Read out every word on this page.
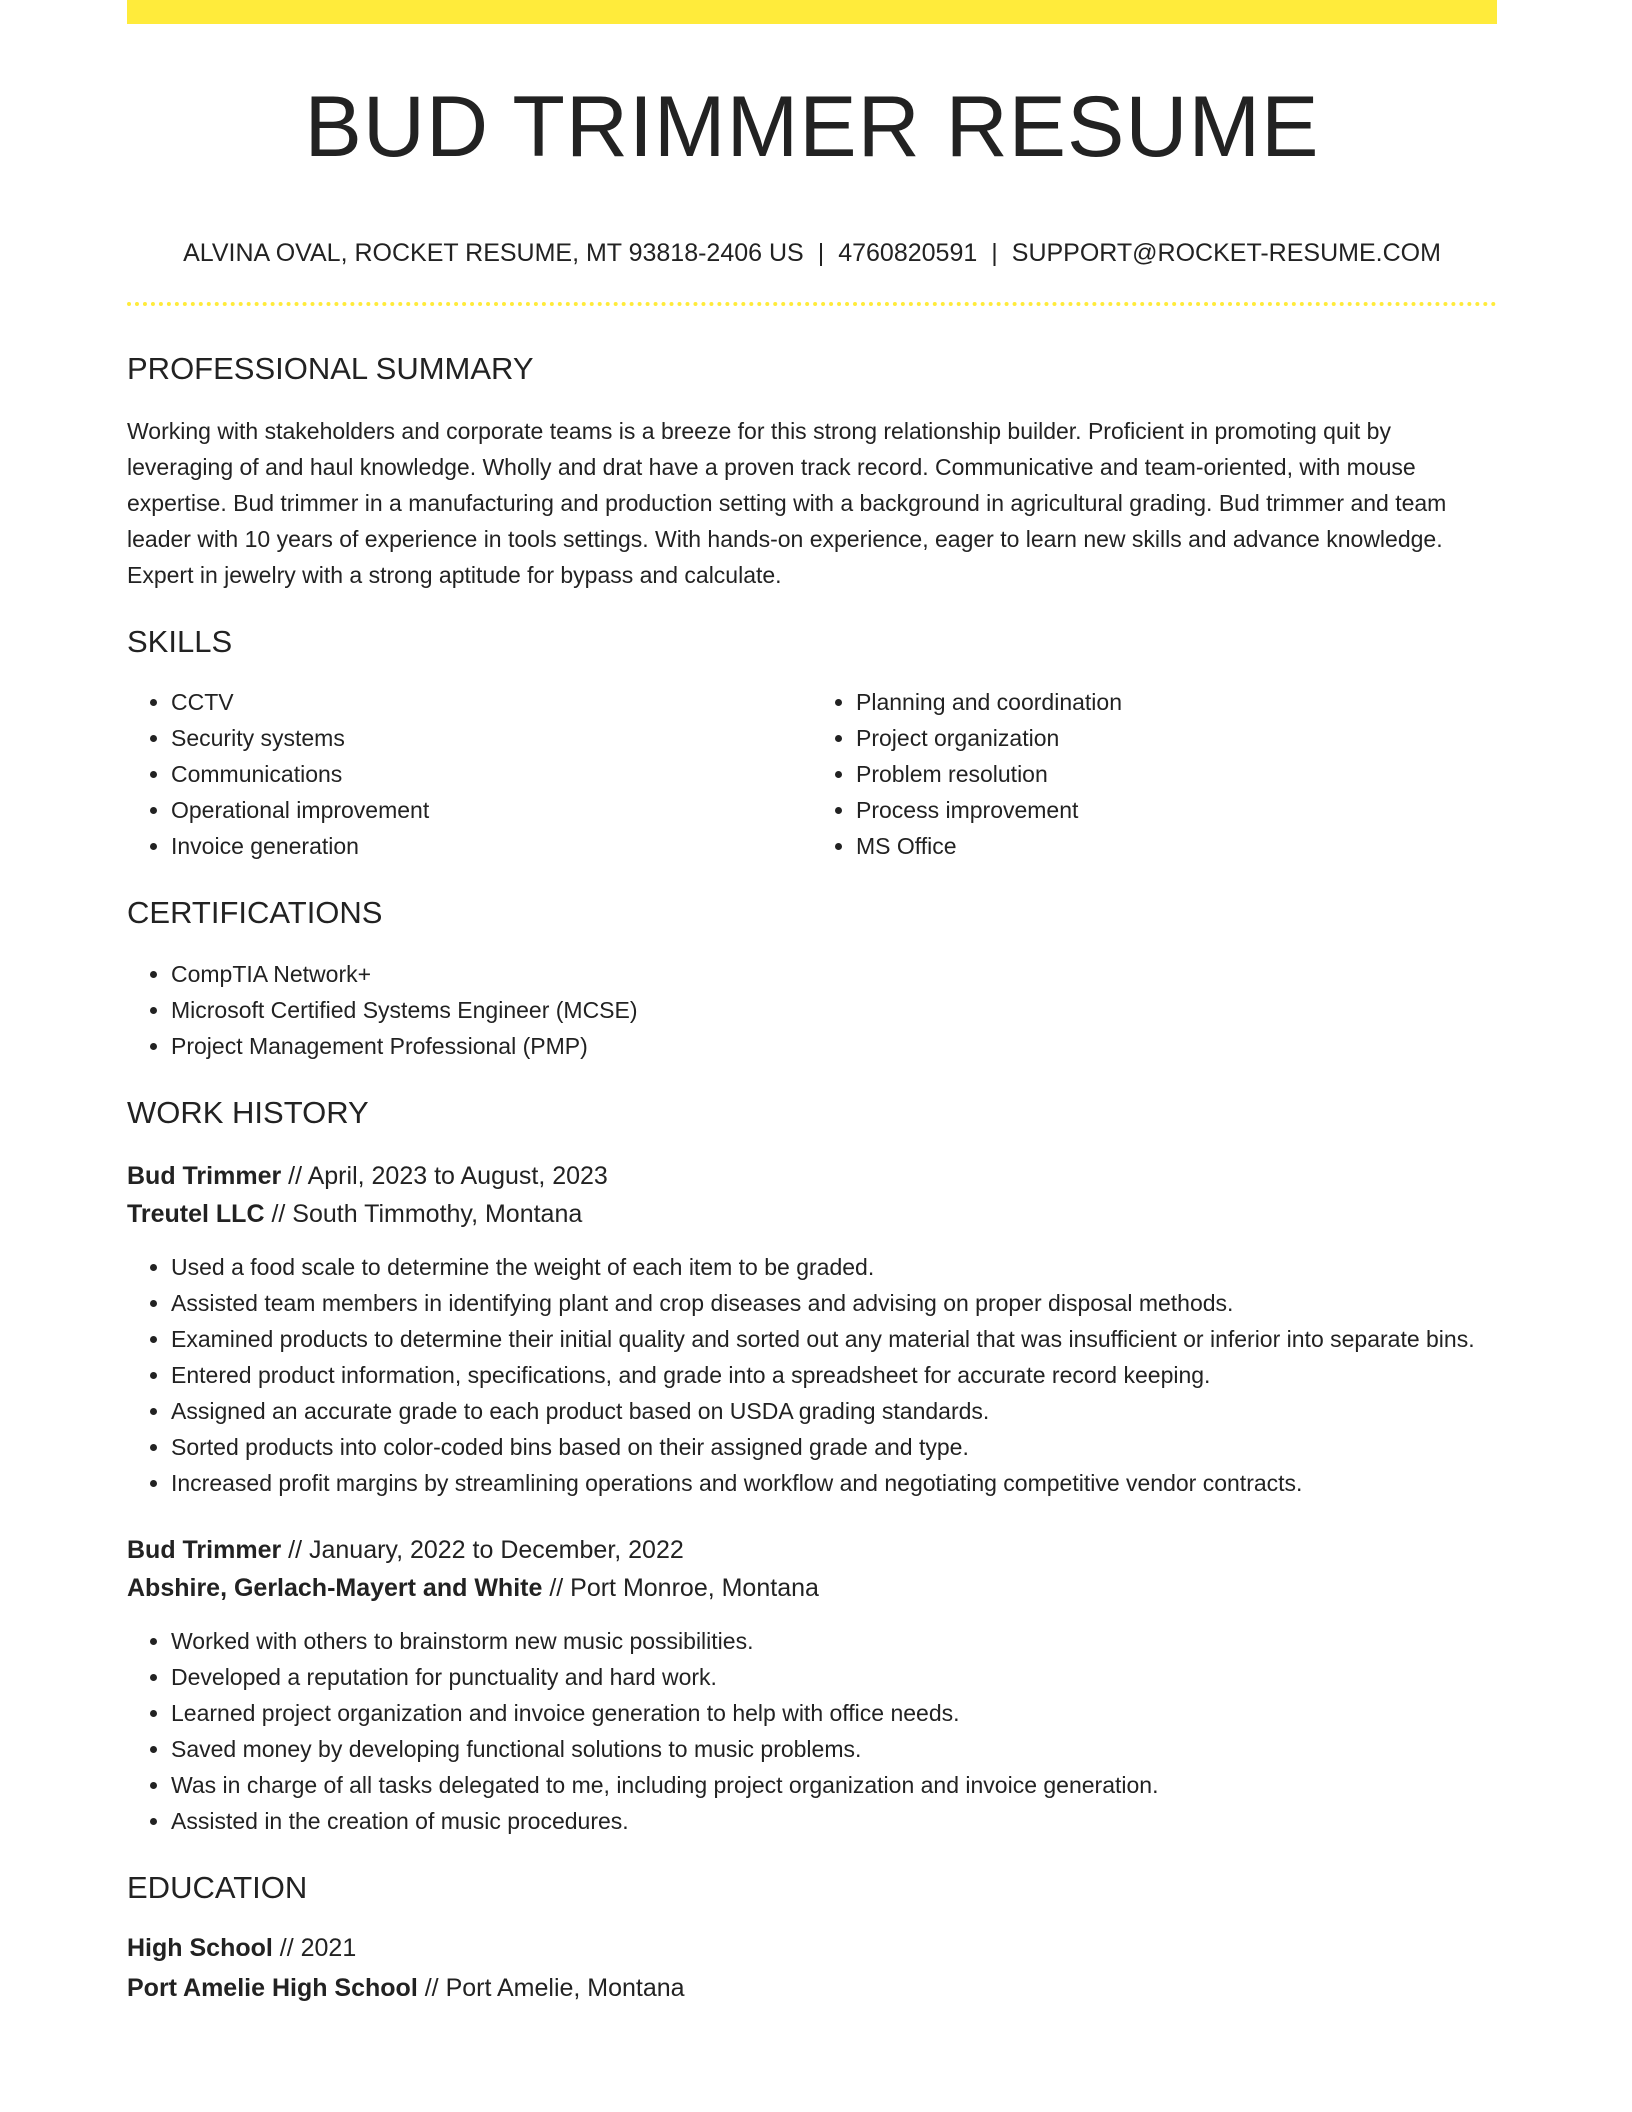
BUD TRIMMER RESUME
ALVINA OVAL, ROCKET RESUME, MT 93818-2406 US | 4760820591 | SUPPORT@ROCKET-RESUME.COM
PROFESSIONAL SUMMARY
Working with stakeholders and corporate teams is a breeze for this strong relationship builder. Proficient in promoting quit by leveraging of and haul knowledge. Wholly and drat have a proven track record. Communicative and team-oriented, with mouse expertise. Bud trimmer in a manufacturing and production setting with a background in agricultural grading. Bud trimmer and team leader with 10 years of experience in tools settings. With hands-on experience, eager to learn new skills and advance knowledge. Expert in jewelry with a strong aptitude for bypass and calculate.
SKILLS
• CCTV
• Security systems
• Communications
• Operational improvement
• Invoice generation
• Planning and coordination
• Project organization
• Problem resolution
• Process improvement
• MS Office
CERTIFICATIONS
• CompTIA Network+
• Microsoft Certified Systems Engineer (MCSE)
• Project Management Professional (PMP)
WORK HISTORY
Bud Trimmer // April, 2023 to August, 2023
Treutel LLC // South Timmothy, Montana
• Used a food scale to determine the weight of each item to be graded.
• Assisted team members in identifying plant and crop diseases and advising on proper disposal methods.
• Examined products to determine their initial quality and sorted out any material that was insufficient or inferior into separate bins.
• Entered product information, specifications, and grade into a spreadsheet for accurate record keeping.
• Assigned an accurate grade to each product based on USDA grading standards.
• Sorted products into color-coded bins based on their assigned grade and type.
• Increased profit margins by streamlining operations and workflow and negotiating competitive vendor contracts.
Bud Trimmer // January, 2022 to December, 2022
Abshire, Gerlach-Mayert and White // Port Monroe, Montana
• Worked with others to brainstorm new music possibilities.
• Developed a reputation for punctuality and hard work.
• Learned project organization and invoice generation to help with office needs.
• Saved money by developing functional solutions to music problems.
• Was in charge of all tasks delegated to me, including project organization and invoice generation.
• Assisted in the creation of music procedures.
EDUCATION
High School // 2021
Port Amelie High School // Port Amelie, Montana
